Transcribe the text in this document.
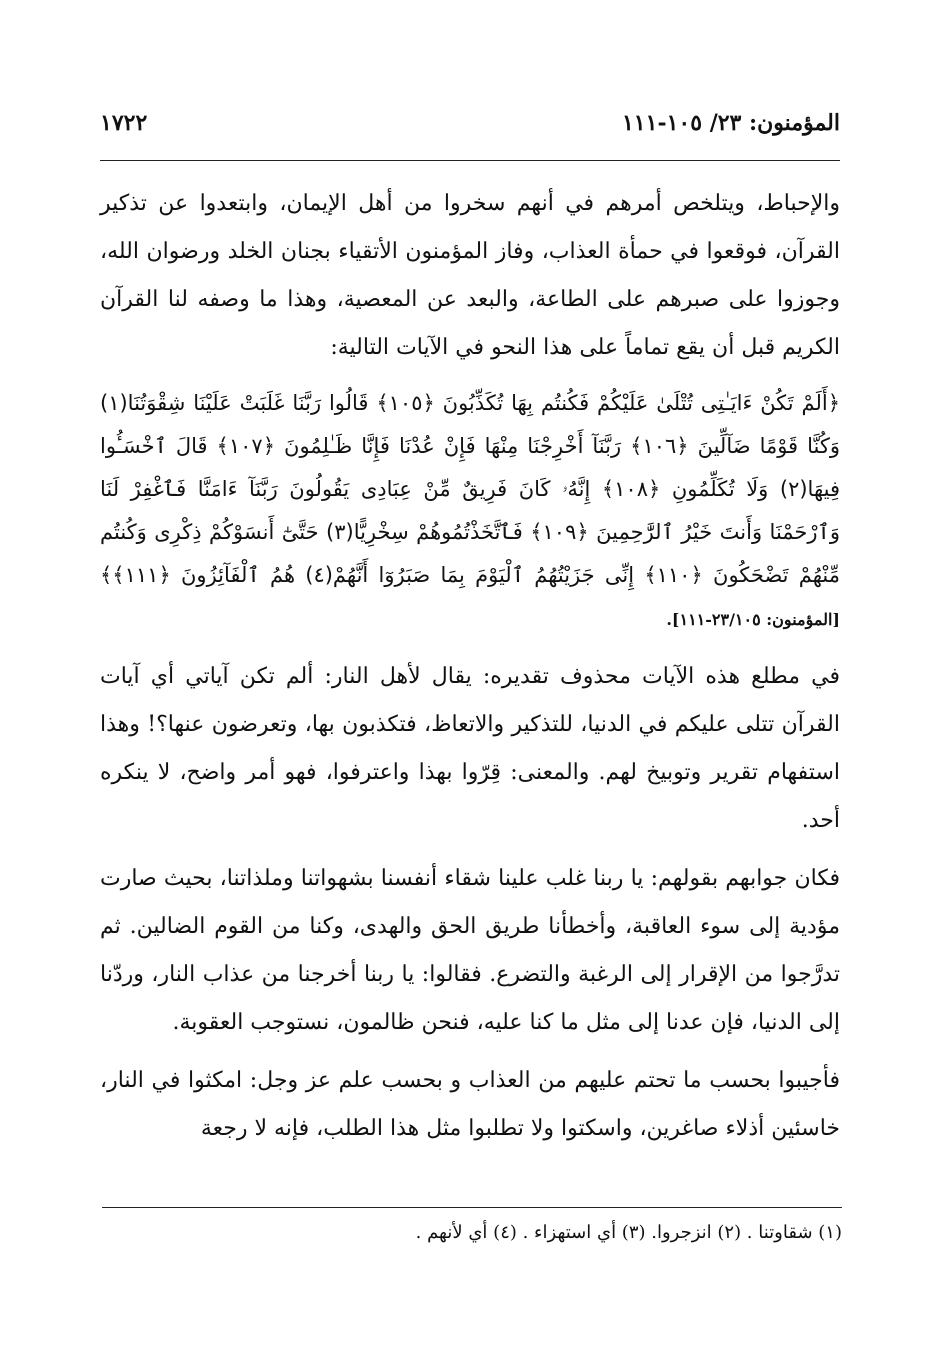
المؤمنون: ٢٣/ ١٠٥-١١١
١٧٢٢

والإحباط، ويتلخص أمرهم في أنهم سخروا من أهل الإيمان، وابتعدوا عن تذكير القرآن، فوقعوا في حمأة العذاب، وفاز المؤمنون الأتقياء بجنان الخلد ورضوان الله، وجوزوا على صبرهم على الطاعة، والبعد عن المعصية، وهذا ما وصفه لنا القرآن الكريم قبل أن يقع تماماً على هذا النحو في الآيات التالية:

﴿أَلَمْ تَكُنْ ءَايَـٰتِى تُتْلَىٰ عَلَيْكُمْ فَكُنتُم بِهَا تُكَذِّبُونَ ﴿١٠٥﴾ قَالُوا رَبَّنَا غَلَبَتْ عَلَيْنَا شِقْوَتُنَا(١) وَكُنَّا قَوْمًا ضَآلِّينَ ﴿١٠٦﴾ رَبَّنَآ أَخْرِجْنَا مِنْهَا فَإِنْ عُدْنَا فَإِنَّا ظَـٰلِمُونَ ﴿١٠٧﴾ قَالَ ٱخْسَـُٔوا فِيهَا(٢) وَلَا تُكَلِّمُونِ ﴿١٠٨﴾ إِنَّهُۥ كَانَ فَرِيقٌ مِّنْ عِبَادِى يَقُولُونَ رَبَّنَآ ءَامَنَّا فَٱغْفِرْ لَنَا وَٱرْحَمْنَا وَأَنتَ خَيْرُ ٱلرَّٰحِمِينَ ﴿١٠٩﴾ فَٱتَّخَذْتُمُوهُمْ سِخْرِيًّا(٣) حَتَّىٰٓ أَنسَوْكُمْ ذِكْرِى وَكُنتُم مِّنْهُمْ تَضْحَكُونَ ﴿١١٠﴾ إِنِّى جَزَيْتُهُمُ ٱلْيَوْمَ بِمَا صَبَرُوٓا أَنَّهُمْ(٤) هُمُ ٱلْفَآئِزُونَ ﴿١١١﴾﴾ [المؤمنون: ٢٣/١٠٥-١١١].

في مطلع هذه الآيات محذوف تقديره: يقال لأهل النار: ألم تكن آياتي أي آيات القرآن تتلى عليكم في الدنيا، للتذكير والاتعاظ، فتكذبون بها، وتعرضون عنها؟! وهذا استفهام تقرير وتوبيخ لهم. والمعنى: قِرّوا بهذا واعترفوا، فهو أمر واضح، لا ينكره أحد.

فكان جوابهم بقولهم: يا ربنا غلب علينا شقاء أنفسنا بشهواتنا وملذاتنا، بحيث صارت مؤدية إلى سوء العاقبة، وأخطأنا طريق الحق والهدى، وكنا من القوم الضالين. ثم تدرَّجوا من الإقرار إلى الرغبة والتضرع. فقالوا: يا ربنا أخرجنا من عذاب النار، وردّنا إلى الدنيا، فإن عدنا إلى مثل ما كنا عليه، فنحن ظالمون، نستوجب العقوبة.

فأجيبوا بحسب ما تحتم عليهم من العذاب و بحسب علم عز وجل: امكثوا في النار، خاسئين أذلاء صاغرين، واسكتوا ولا تطلبوا مثل هذا الطلب، فإنه لا رجعة

(١) شقاوتنا . (٢) انزجروا. (٣) أي استهزاء . (٤) أي لأنهم .
